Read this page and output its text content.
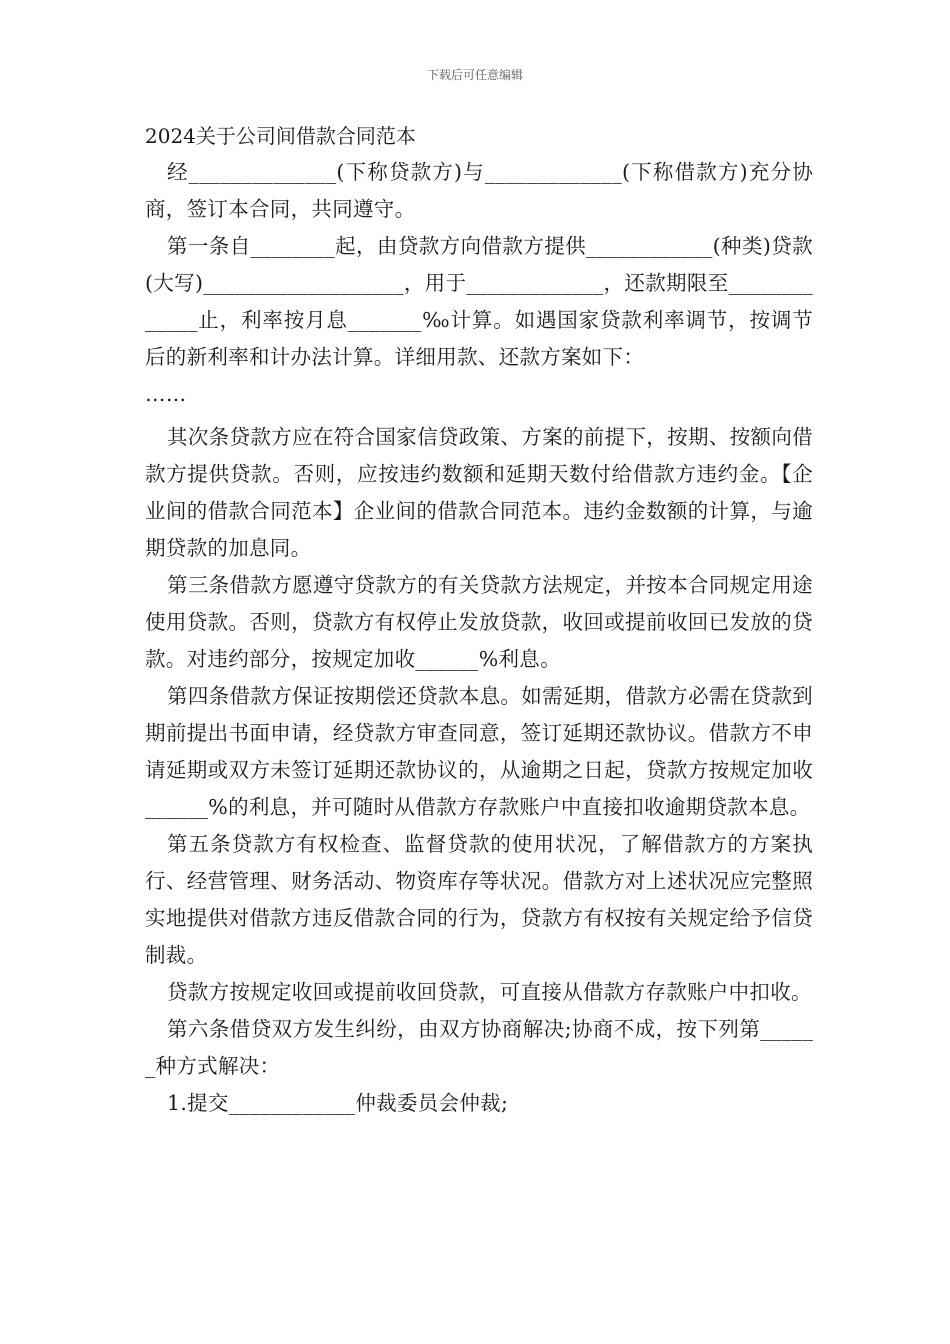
下载后可任意编辑
2024关于公司间借款合同范本

经______________(下称贷款方)与_____________(下称借款方)充分协商，签订本合同，共同遵守。

第一条自________起，由贷款方向借款方提供____________(种类)贷款(大写)___________________，用于_____________，还款期限至_____________止，利率按月息_______‰计算。如遇国家贷款利率调节，按调节后的新利率和计办法计算。详细用款、还款方案如下：

……

其次条贷款方应在符合国家信贷政策、方案的前提下，按期、按额向借款方提供贷款。否则，应按违约数额和延期天数付给借款方违约金。【企业间的借款合同范本】企业间的借款合同范本。违约金数额的计算，与逾期贷款的加息同。

第三条借款方愿遵守贷款方的有关贷款方法规定，并按本合同规定用途使用贷款。否则，贷款方有权停止发放贷款，收回或提前收回已发放的贷款。对违约部分，按规定加收______%利息。

第四条借款方保证按期偿还贷款本息。如需延期，借款方必需在贷款到期前提出书面申请，经贷款方审查同意，签订延期还款协议。借款方不申请延期或双方未签订延期还款协议的，从逾期之日起，贷款方按规定加收______%的利息，并可随时从借款方存款账户中直接扣收逾期贷款本息。

第五条贷款方有权检查、监督贷款的使用状况，了解借款方的方案执行、经营管理、财务活动、物资库存等状况。借款方对上述状况应完整照实地提供对借款方违反借款合同的行为，贷款方有权按有关规定给予信贷制裁。

贷款方按规定收回或提前收回贷款，可直接从借款方存款账户中扣收。

第六条借贷双方发生纠纷，由双方协商解决;协商不成，按下列第______种方式解决：

1.提交____________仲裁委员会仲裁;
